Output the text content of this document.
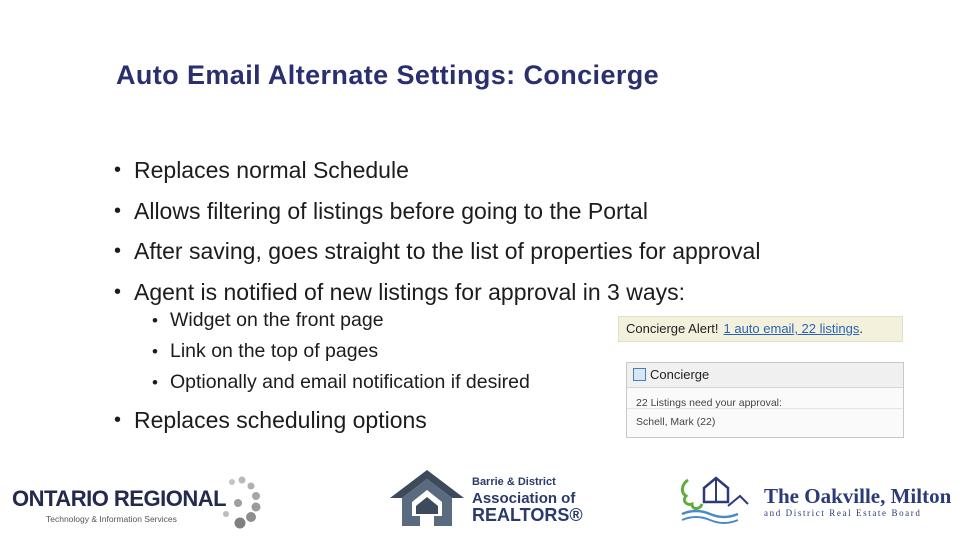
Auto Email Alternate Settings: Concierge
• Replaces normal Schedule
• Allows filtering of listings before going to the Portal
• After saving, goes straight to the list of properties for approval
• Agent is notified of new listings for approval in 3 ways:
• Widget on the front page
• Link on the top of pages
• Optionally and email notification if desired
• Replaces scheduling options
Concierge Alert! 1 auto email, 22 listings.
Concierge
22 Listings need your approval:
Schell, Mark (22)
ONTARIO REGIONAL
Technology & Information Services
Barrie & District
Association of
REALTORS®
The Oakville, Milton
and District Real Estate Board
